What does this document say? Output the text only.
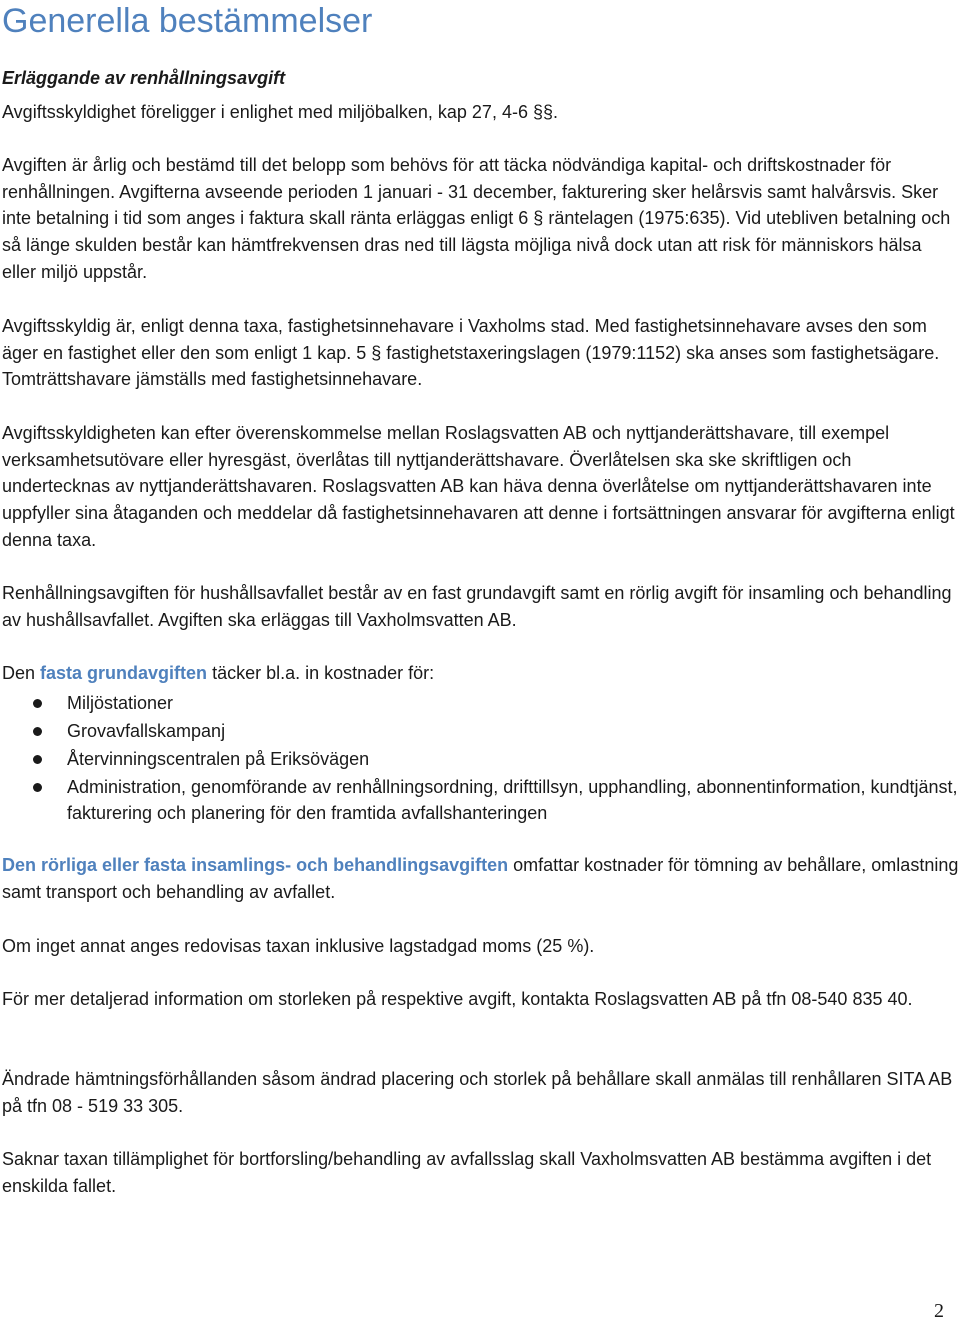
Generella bestämmelser
Erläggande av renhållningsavgift

Avgiftsskyldighet föreligger i enlighet med miljöbalken, kap 27, 4-6 §§.

Avgiften är årlig och bestämd till det belopp som behövs för att täcka nödvändiga kapital- och driftskostnader för renhållningen. Avgifterna avseende perioden 1 januari - 31 december, fakturering sker helårsvis samt halvårsvis. Sker inte betalning i tid som anges i faktura skall ränta erläggas enligt 6 § räntelagen (1975:635). Vid utebliven betalning och så länge skulden består kan hämtfrekvensen dras ned till lägsta möjliga nivå dock utan att risk för människors hälsa eller miljö uppstår.

Avgiftsskyldig är, enligt denna taxa, fastighetsinnehavare i Vaxholms stad. Med fastighetsinnehavare avses den som äger en fastighet eller den som enligt 1 kap. 5 § fastighetstaxeringslagen (1979:1152) ska anses som fastighetsägare. Tomträttshavare jämställs med fastighetsinnehavare.

Avgiftsskyldigheten kan efter överenskommelse mellan Roslagsvatten AB och nyttjanderättshavare, till exempel verksamhetsutövare eller hyresgäst, överlåtas till nyttjanderättshavare. Överlåtelsen ska ske skriftligen och undertecknas av nyttjanderättshavaren. Roslagsvatten AB kan häva denna överlåtelse om nyttjanderättshavaren inte uppfyller sina åtaganden och meddelar då fastighetsinnehavaren att denne i fortsättningen ansvarar för avgifterna enligt denna taxa.

Renhållningsavgiften för hushållsavfallet består av en fast grundavgift samt en rörlig avgift för insamling och behandling av hushållsavfallet. Avgiften ska erläggas till Vaxholmsvatten AB.

Den fasta grundavgiften täcker bl.a. in kostnader för:

Miljöstationer
Grovavfallskampanj
Återvinningscentralen på Eriksövägen
Administration, genomförande av renhållningsordning, drifttillsyn, upphandling, abonnentinformation, kundtjänst, fakturering och planering för den framtida avfallshanteringen

Den rörliga eller fasta insamlings- och behandlingsavgiften omfattar kostnader för tömning av behållare, omlastning samt transport och behandling av avfallet.

Om inget annat anges redovisas taxan inklusive lagstadgad moms (25 %).

För mer detaljerad information om storleken på respektive avgift, kontakta Roslagsvatten AB på tfn 08-540 835 40.

Ändrade hämtningsförhållanden såsom ändrad placering och storlek på behållare skall anmälas till renhållaren SITA AB på tfn 08 - 519 33 305.

Saknar taxan tillämplighet för bortforsling/behandling av avfallsslag skall Vaxholmsvatten AB bestämma avgiften i det enskilda fallet.

2
